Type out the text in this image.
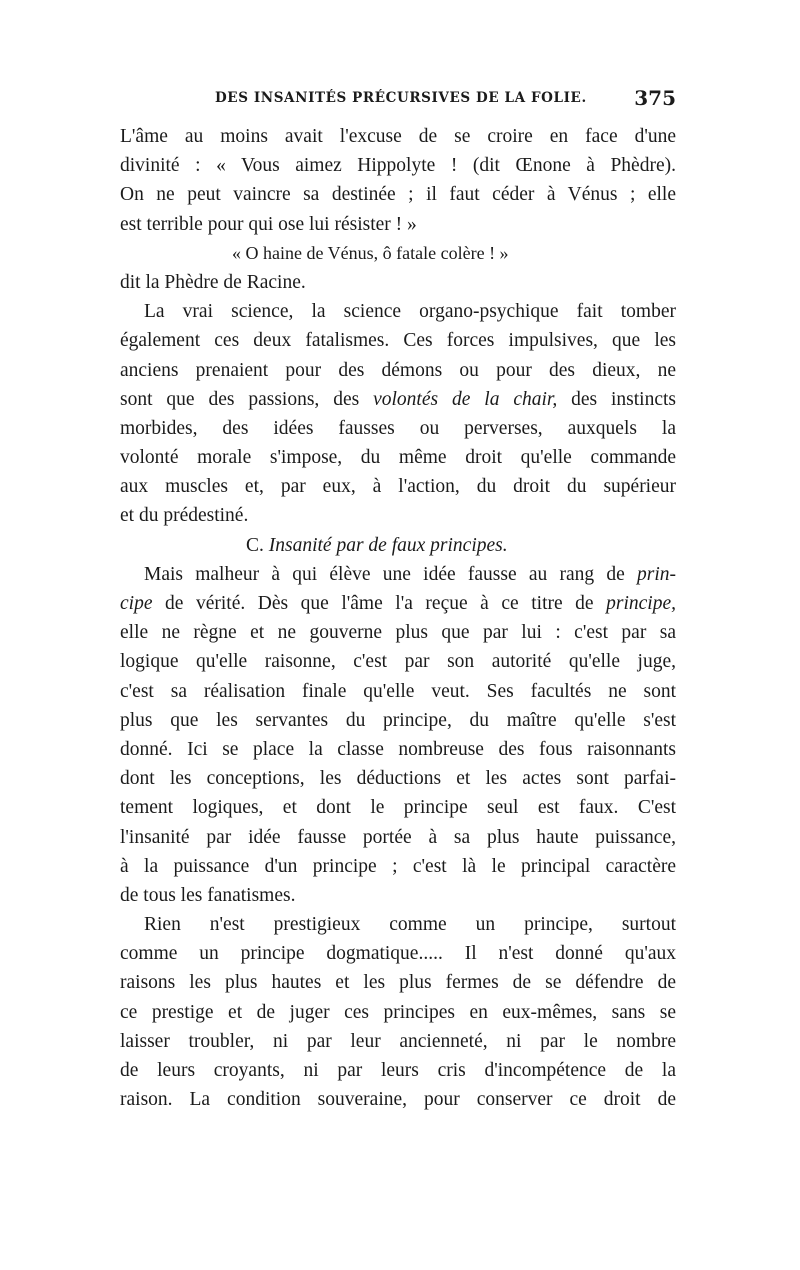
DES INSANITÉS PRÉCURSIVES DE LA FOLIE. 375
L'âme au moins avait l'excuse de se croire en face d'une
divinité : « Vous aimez Hippolyte ! (dit Œnone à Phèdre).
On ne peut vaincre sa destinée ; il faut céder à Vénus ; elle
est terrible pour qui ose lui résister ! »
« O haine de Vénus, ô fatale colère ! »
dit la Phèdre de Racine.
La vrai science, la science organo-psychique fait tomber
également ces deux fatalismes. Ces forces impulsives, que les
anciens prenaient pour des démons ou pour des dieux, ne
sont que des passions, des volontés de la chair, des instincts
morbides, des idées fausses ou perverses, auxquels la
volonté morale s'impose, du même droit qu'elle commande
aux muscles et, par eux, à l'action, du droit du supérieur
et du prédestiné.
C. Insanité par de faux principes.
Mais malheur à qui élève une idée fausse au rang de prin-
cipe de vérité. Dès que l'âme l'a reçue à ce titre de principe,
elle ne règne et ne gouverne plus que par lui : c'est par sa
logique qu'elle raisonne, c'est par son autorité qu'elle juge,
c'est sa réalisation finale qu'elle veut. Ses facultés ne sont
plus que les servantes du principe, du maître qu'elle s'est
donné. Ici se place la classe nombreuse des fous raisonnants
dont les conceptions, les déductions et les actes sont parfai-
tement logiques, et dont le principe seul est faux. C'est
l'insanité par idée fausse portée à sa plus haute puissance,
à la puissance d'un principe ; c'est là le principal caractère
de tous les fanatismes.
Rien n'est prestigieux comme un principe, surtout
comme un principe dogmatique..... Il n'est donné qu'aux
raisons les plus hautes et les plus fermes de se défendre de
ce prestige et de juger ces principes en eux-mêmes, sans se
laisser troubler, ni par leur ancienneté, ni par le nombre
de leurs croyants, ni par leurs cris d'incompétence de la
raison. La condition souveraine, pour conserver ce droit de
